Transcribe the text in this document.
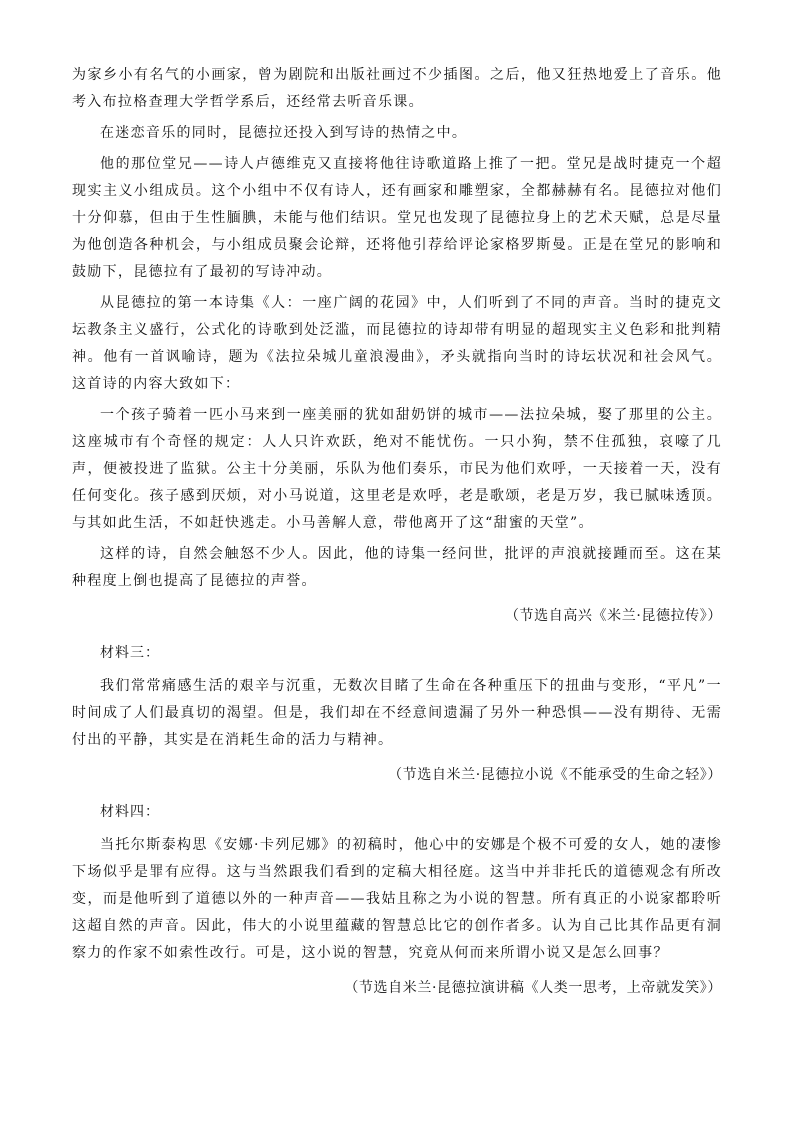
为家乡小有名气的小画家，曾为剧院和出版社画过不少插图。之后，他又狂热地爱上了音乐。他考入布拉格查理大学哲学系后，还经常去听音乐课。

在迷恋音乐的同时，昆德拉还投入到写诗的热情之中。

他的那位堂兄——诗人卢德维克又直接将他往诗歌道路上推了一把。堂兄是战时捷克一个超现实主义小组成员。这个小组中不仅有诗人，还有画家和雕塑家，全都赫赫有名。昆德拉对他们十分仰慕，但由于生性腼腆，未能与他们结识。堂兄也发现了昆德拉身上的艺术天赋，总是尽量为他创造各种机会，与小组成员聚会论辩，还将他引荐给评论家格罗斯曼。正是在堂兄的影响和鼓励下，昆德拉有了最初的写诗冲动。

从昆德拉的第一本诗集《人：一座广阔的花园》中，人们听到了不同的声音。当时的捷克文坛教条主义盛行，公式化的诗歌到处泛滥，而昆德拉的诗却带有明显的超现实主义色彩和批判精神。他有一首讽喻诗，题为《法拉朵城儿童浪漫曲》，矛头就指向当时的诗坛状况和社会风气。这首诗的内容大致如下：

一个孩子骑着一匹小马来到一座美丽的犹如甜奶饼的城市——法拉朵城，娶了那里的公主。这座城市有个奇怪的规定：人人只许欢跃，绝对不能忧伤。一只小狗，禁不住孤独，哀嚎了几声，便被投进了监狱。公主十分美丽，乐队为他们奏乐，市民为他们欢呼，一天接着一天，没有任何变化。孩子感到厌烦，对小马说道，这里老是欢呼，老是歌颂，老是万岁，我已腻味透顶。与其如此生活，不如赶快逃走。小马善解人意，带他离开了这“甜蜜的天堂”。

这样的诗，自然会触怒不少人。因此，他的诗集一经问世，批评的声浪就接踵而至。这在某种程度上倒也提高了昆德拉的声誉。

（节选自高兴《米兰·昆德拉传》）
材料三：

我们常常痛感生活的艰辛与沉重，无数次目睹了生命在各种重压下的扭曲与变形，“平凡”一时间成了人们最真切的渴望。但是，我们却在不经意间遗漏了另外一种恐惧——没有期待、无需付出的平静，其实是在消耗生命的活力与精神。

（节选自米兰·昆德拉小说《不能承受的生命之轻》）
材料四：

当托尔斯泰构思《安娜·卡列尼娜》的初稿时，他心中的安娜是个极不可爱的女人，她的凄惨下场似乎是罪有应得。这与当然跟我们看到的定稿大相径庭。这当中并非托氏的道德观念有所改变，而是他听到了道德以外的一种声音——我姑且称之为小说的智慧。所有真正的小说家都聆听这超自然的声音。因此，伟大的小说里蕴藏的智慧总比它的创作者多。认为自己比其作品更有洞察力的作家不如索性改行。可是，这小说的智慧，究竟从何而来所谓小说又是怎么回事？

（节选自米兰·昆德拉演讲稿《人类一思考，上帝就发笑》）
